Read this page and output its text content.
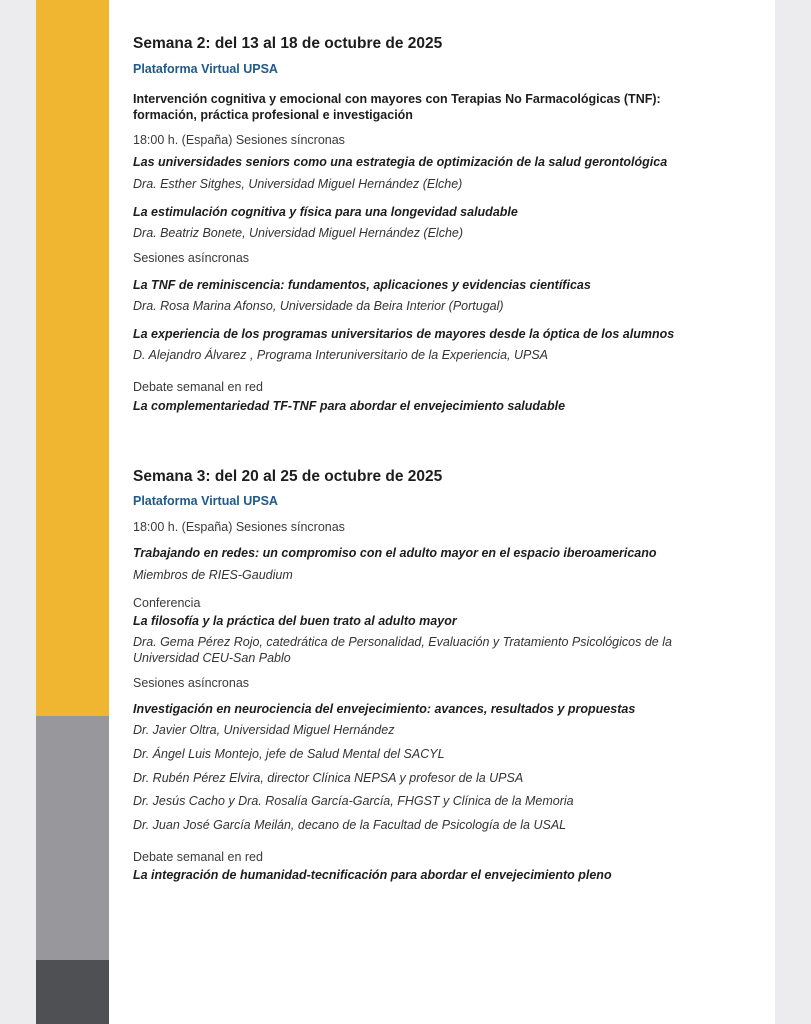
Semana 2: del 13 al 18 de octubre de 2025
Plataforma Virtual UPSA
Intervención cognitiva y emocional con mayores con Terapias No Farmacológicas (TNF): formación, práctica profesional e investigación
18:00 h. (España) Sesiones síncronas
Las universidades seniors como una estrategia de optimización de la salud gerontológica
Dra. Esther Sitghes, Universidad Miguel Hernández (Elche)
La estimulación cognitiva y física para una longevidad saludable
Dra. Beatriz Bonete, Universidad Miguel Hernández (Elche)
Sesiones asíncronas
La TNF de reminiscencia: fundamentos, aplicaciones y evidencias científicas
Dra. Rosa Marina Afonso, Universidade da Beira Interior (Portugal)
La experiencia de los programas universitarios de mayores desde la óptica de los alumnos
D. Alejandro Álvarez , Programa Interuniversitario de la Experiencia, UPSA
Debate semanal en red
La complementariedad TF-TNF para abordar el envejecimiento saludable
Semana 3: del 20 al 25 de octubre de 2025
Plataforma Virtual UPSA
18:00 h. (España) Sesiones síncronas
Trabajando en redes: un compromiso con el adulto mayor en el espacio iberoamericano
Miembros de RIES-Gaudium
Conferencia
La filosofía y la práctica del buen trato al adulto mayor
Dra. Gema Pérez Rojo, catedrática de Personalidad, Evaluación y Tratamiento Psicológicos de la Universidad CEU-San Pablo
Sesiones asíncronas
Investigación en neurociencia del envejecimiento: avances, resultados y propuestas
Dr. Javier Oltra, Universidad Miguel Hernández
Dr. Ángel Luis Montejo, jefe de Salud Mental del SACYL
Dr. Rubén Pérez Elvira, director Clínica NEPSA y profesor de la UPSA
Dr. Jesús Cacho y Dra. Rosalía García-García, FHGST y Clínica de la Memoria
Dr. Juan José García Meilán, decano de la Facultad de Psicología de la USAL
Debate semanal en red
La integración de humanidad-tecnificación para abordar el envejecimiento pleno
